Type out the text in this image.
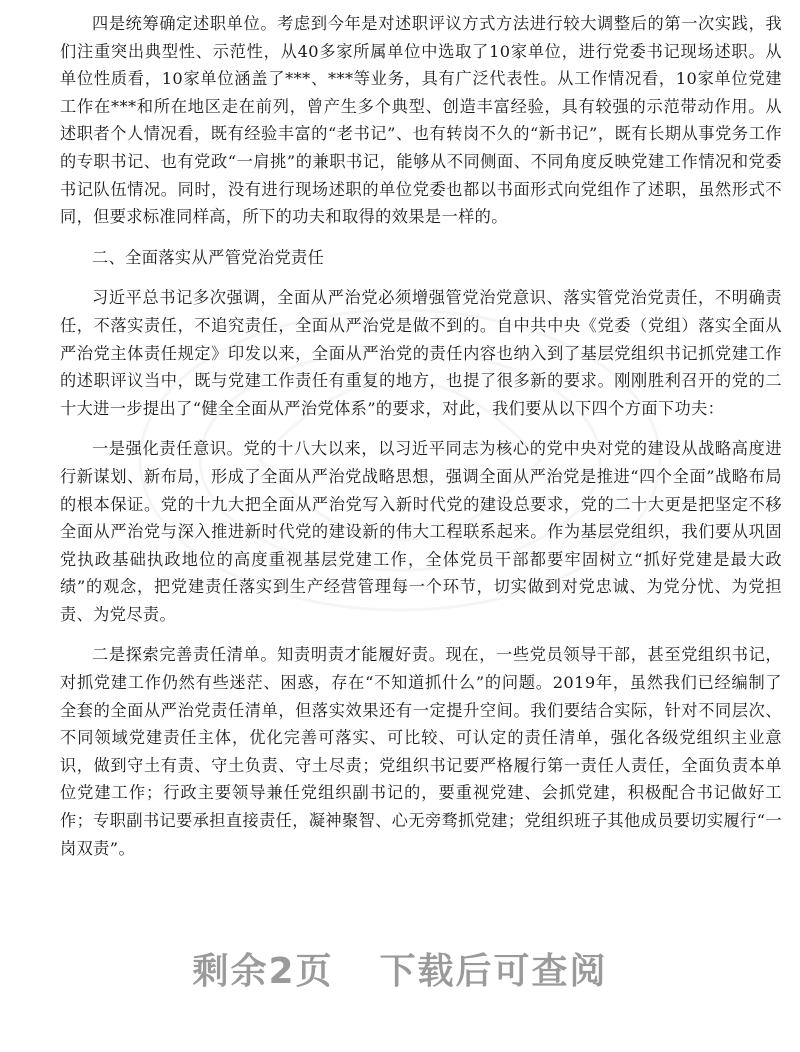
四是统筹确定述职单位。考虑到今年是对述职评议方式方法进行较大调整后的第一次实践，我们注重突出典型性、示范性，从40多家所属单位中选取了10家单位，进行党委书记现场述职。从单位性质看，10家单位涵盖了***、***等业务，具有广泛代表性。从工作情况看，10家单位党建工作在***和所在地区走在前列，曾产生多个典型、创造丰富经验，具有较强的示范带动作用。从述职者个人情况看，既有经验丰富的“老书记”、也有转岗不久的“新书记”，既有长期从事党务工作的专职书记、也有党政“一肩挑”的兼职书记，能够从不同侧面、不同角度反映党建工作情况和党委书记队伍情况。同时，没有进行现场述职的单位党委也都以书面形式向党组作了述职，虽然形式不同，但要求标准同样高，所下的功夫和取得的效果是一样的。

二、全面落实从严管党治党责任

习近平总书记多次强调，全面从严治党必须增强管党治党意识、落实管党治党责任，不明确责任，不落实责任，不追究责任，全面从严治党是做不到的。自中共中央《党委（党组）落实全面从严治党主体责任规定》印发以来，全面从严治党的责任内容也纳入到了基层党组织书记抓党建工作的述职评议当中，既与党建工作责任有重复的地方，也提了很多新的要求。刚刚胜利召开的党的二十大进一步提出了“健全全面从严治党体系”的要求，对此，我们要从以下四个方面下功夫：

一是强化责任意识。党的十八大以来，以习近平同志为核心的党中央对党的建设从战略高度进行新谋划、新布局，形成了全面从严治党战略思想，强调全面从严治党是推进“四个全面”战略布局的根本保证。党的十九大把全面从严治党写入新时代党的建设总要求，党的二十大更是把坚定不移全面从严治党与深入推进新时代党的建设新的伟大工程联系起来。作为基层党组织，我们要从巩固党执政基础执政地位的高度重视基层党建工作，全体党员干部都要牢固树立“抓好党建是最大政绩”的观念，把党建责任落实到生产经营管理每一个环节，切实做到对党忠诚、为党分忧、为党担责、为党尽责。

二是探索完善责任清单。知责明责才能履好责。现在，一些党员领导干部，甚至党组织书记，对抓党建工作仍然有些迷茫、困惑，存在“不知道抓什么”的问题。2019年，虽然我们已经编制了全套的全面从严治党责任清单，但落实效果还有一定提升空间。我们要结合实际，针对不同层次、不同领域党建责任主体，优化完善可落实、可比较、可认定的责任清单，强化各级党组织主业意识，做到守土有责、守土负责、守土尽责；党组织书记要严格履行第一责任人责任，全面负责本单位党建工作；行政主要领导兼任党组织副书记的，要重视党建、会抓党建，积极配合书记做好工作；专职副书记要承担直接责任，凝神聚智、心无旁骛抓党建；党组织班子其他成员要切实履行“一岗双责”。

剩余2页 下载后可查阅
